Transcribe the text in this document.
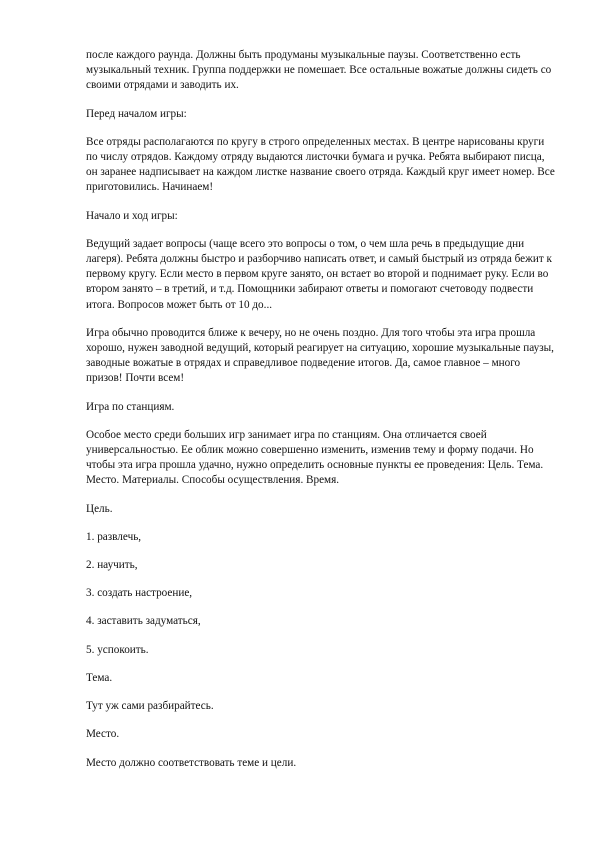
после каждого раунда. Должны быть продуманы музыкальные паузы. Соответственно есть музыкальный техник. Группа поддержки не помешает. Все остальные вожатые должны сидеть со своими отрядами и заводить их.

Перед началом игры:

Все отряды располагаются по кругу в строго определенных местах. В центре нарисованы круги по числу отрядов. Каждому отряду выдаются листочки бумага и ручка. Ребята выбирают писца, он заранее надписывает на каждом листке название своего отряда. Каждый круг имеет номер. Все приготовились. Начинаем!

Начало и ход игры:

Ведущий задает вопросы (чаще всего это вопросы о том, о чем шла речь в предыдущие дни лагеря). Ребята должны быстро и разборчиво написать ответ, и самый быстрый из отряда бежит к первому кругу. Если место в первом круге занято, он встает во второй и поднимает руку. Если во втором занято – в третий, и т.д. Помощники забирают ответы и помогают счетоводу подвести итога. Вопросов может быть от 10 до...

Игра обычно проводится ближе к вечеру, но не очень поздно. Для того чтобы эта игра прошла хорошо, нужен заводной ведущий, который реагирует на ситуацию, хорошие музыкальные паузы, заводные вожатые в отрядах и справедливое подведение итогов. Да, самое главное – много призов! Почти всем!

Игра по станциям.

Особое место среди больших игр занимает игра по станциям. Она отличается своей универсальностью. Ее облик можно совершенно изменить, изменив тему и форму подачи. Но чтобы эта игра прошла удачно, нужно определить основные пункты ее проведения: Цель. Тема. Место. Материалы. Способы осуществления. Время.

Цель.

1. развлечь,

2. научить,

3. создать настроение,

4. заставить задуматься,

5. успокоить.

Тема.

Тут уж сами разбирайтесь.

Место.

Место должно соответствовать теме и цели.
